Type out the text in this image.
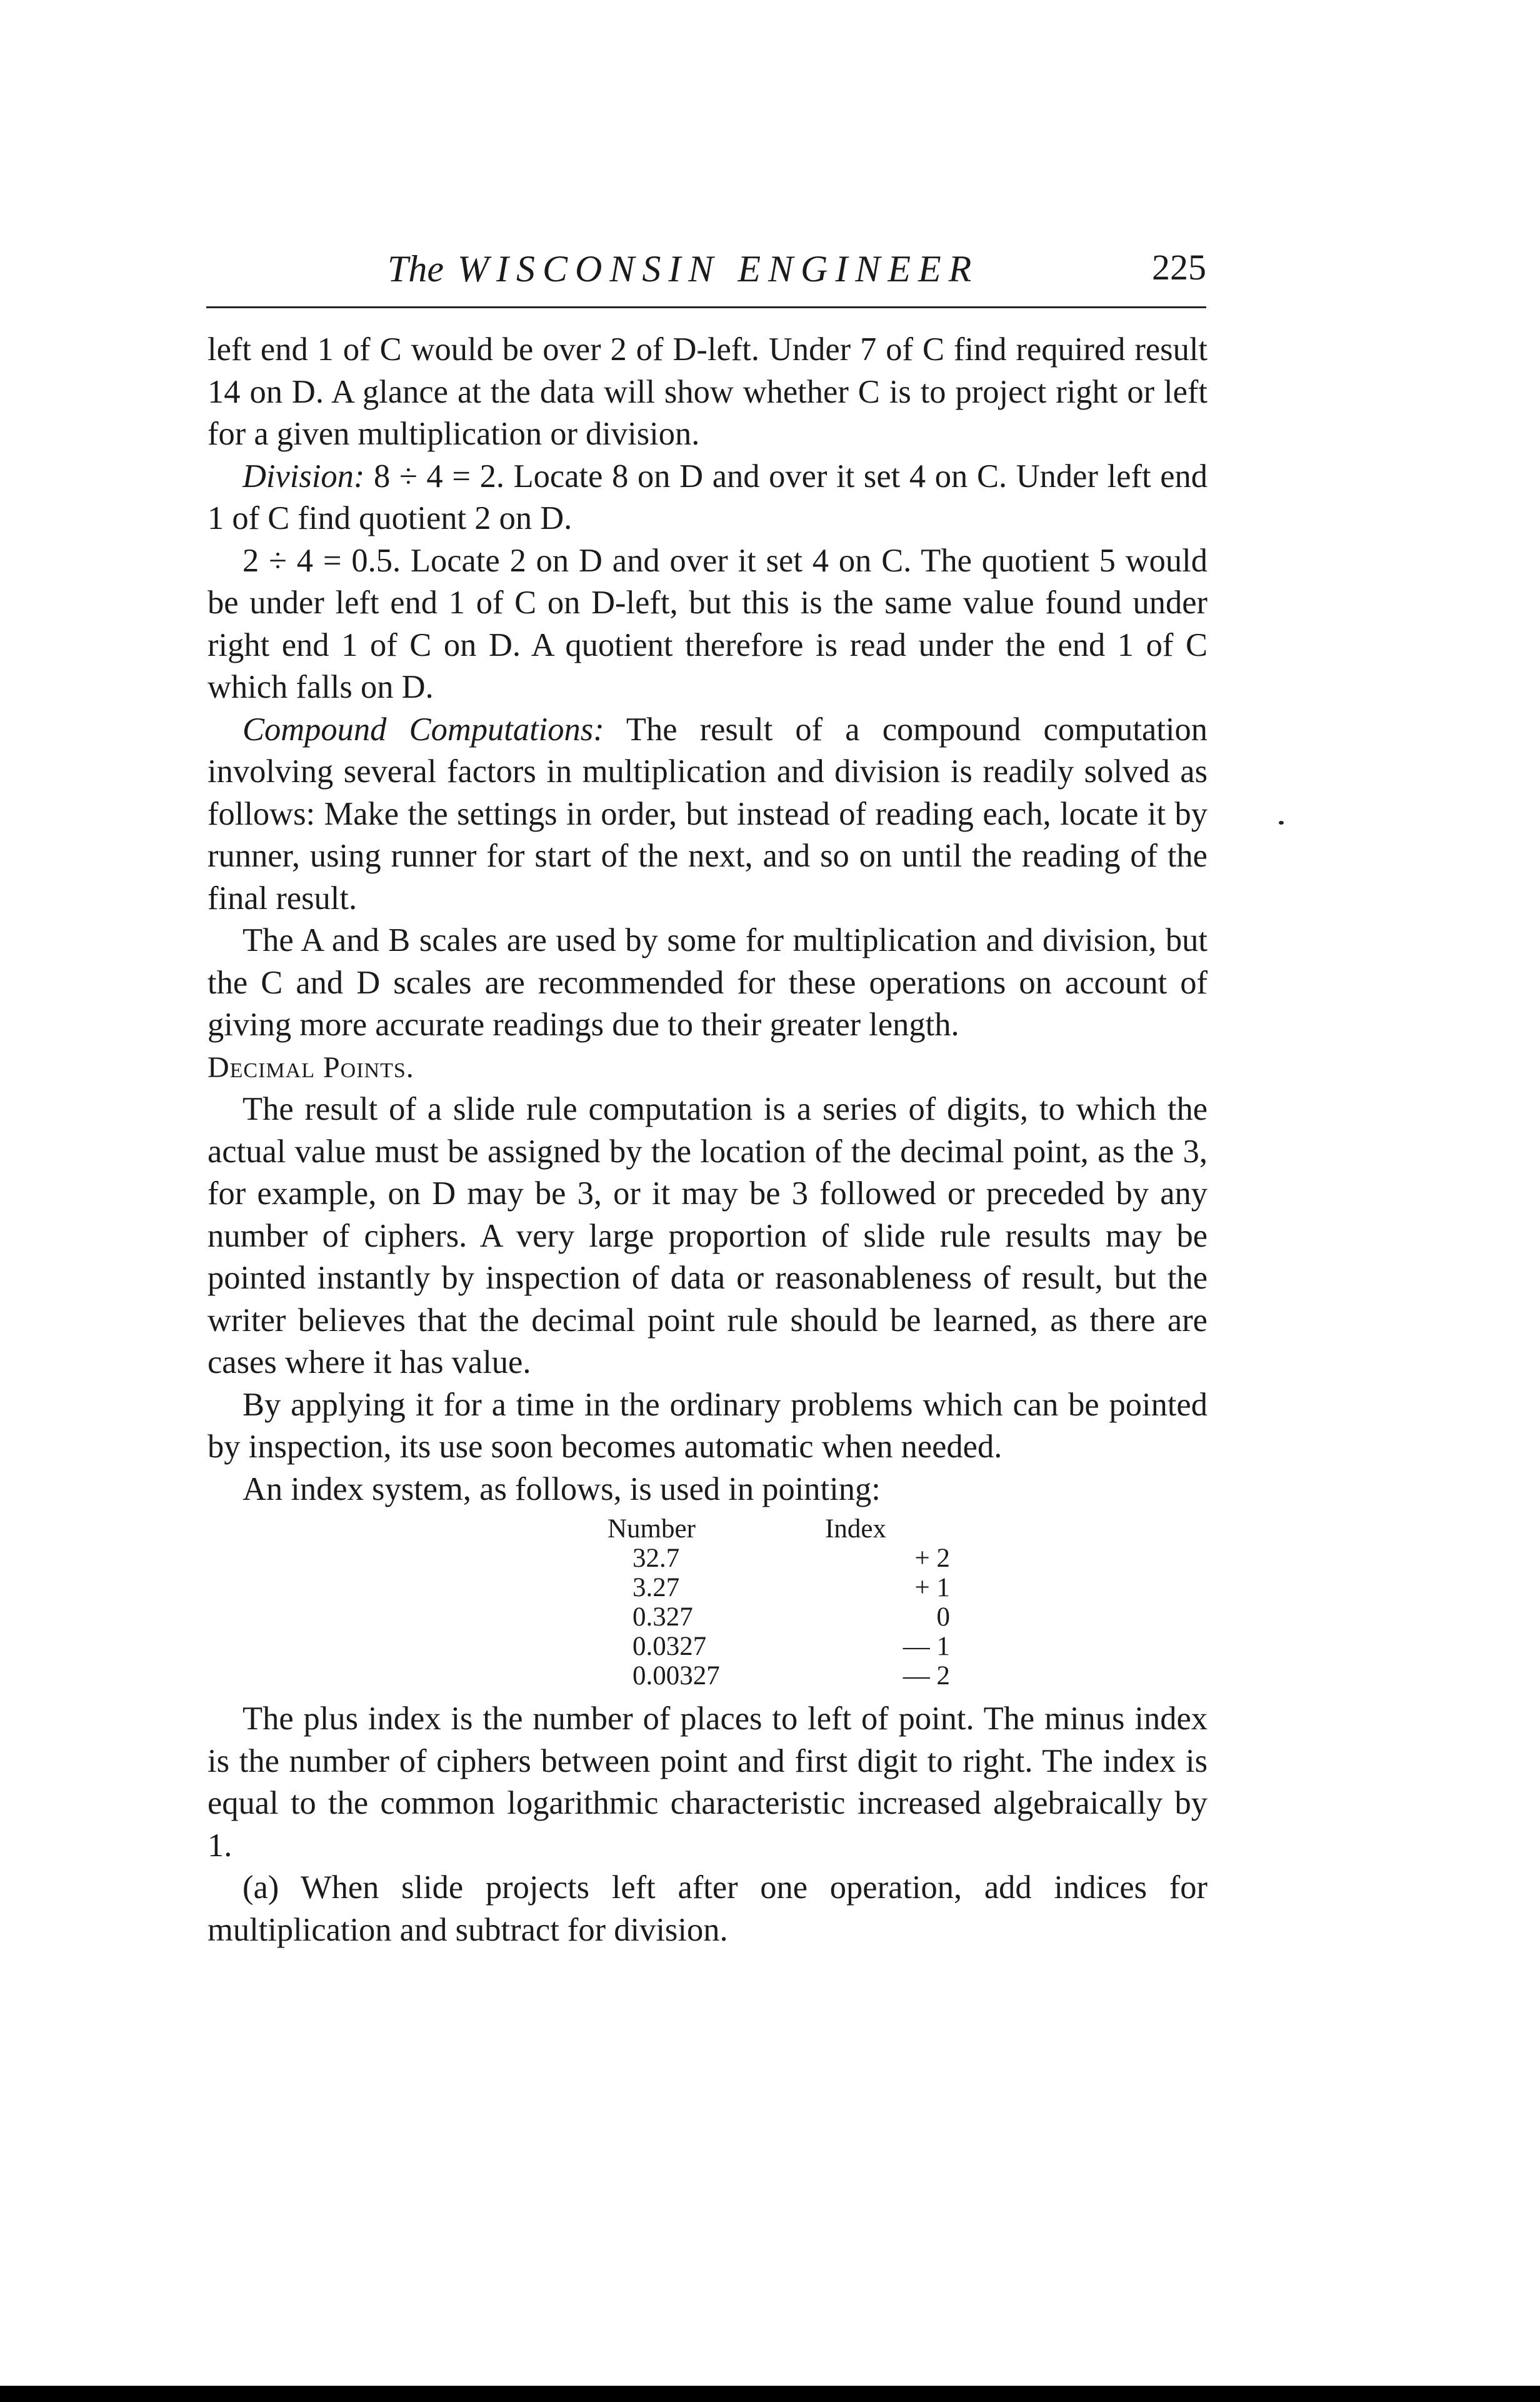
The WISCONSIN ENGINEER	225

left end 1 of C would be over 2 of D-left. Under 7 of C find required result 14 on D. A glance at the data will show whether C is to project right or left for a given multiplication or division.

Division: 8 ÷ 4 = 2. Locate 8 on D and over it set 4 on C. Under left end 1 of C find quotient 2 on D.

2 ÷ 4 = 0.5. Locate 2 on D and over it set 4 on C. The quotient 5 would be under left end 1 of C on D-left, but this is the same value found under right end 1 of C on D. A quotient therefore is read under the end 1 of C which falls on D.

Compound Computations: The result of a compound computation involving several factors in multiplication and division is readily solved as follows: Make the settings in order, but instead of reading each, locate it by runner, using runner for start of the next, and so on until the reading of the final result.

The A and B scales are used by some for multiplication and division, but the C and D scales are recommended for these operations on account of giving more accurate readings due to their greater length.

Decimal Points.

The result of a slide rule computation is a series of digits, to which the actual value must be assigned by the location of the decimal point, as the 3, for example, on D may be 3, or it may be 3 followed or preceded by any number of ciphers. A very large proportion of slide rule results may be pointed instantly by inspection of data or reasonableness of result, but the writer believes that the decimal point rule should be learned, as there are cases where it has value.

By applying it for a time in the ordinary problems which can be pointed by inspection, its use soon becomes automatic when needed.

An index system, as follows, is used in pointing:

Number	Index
32.7	+ 2
3.27	+ 1
0.327	0
0.0327	— 1
0.00327	— 2

The plus index is the number of places to left of point. The minus index is the number of ciphers between point and first digit to right. The index is equal to the common logarithmic characteristic increased algebraically by 1.

(a) When slide projects left after one operation, add indices for multiplication and subtract for division.
